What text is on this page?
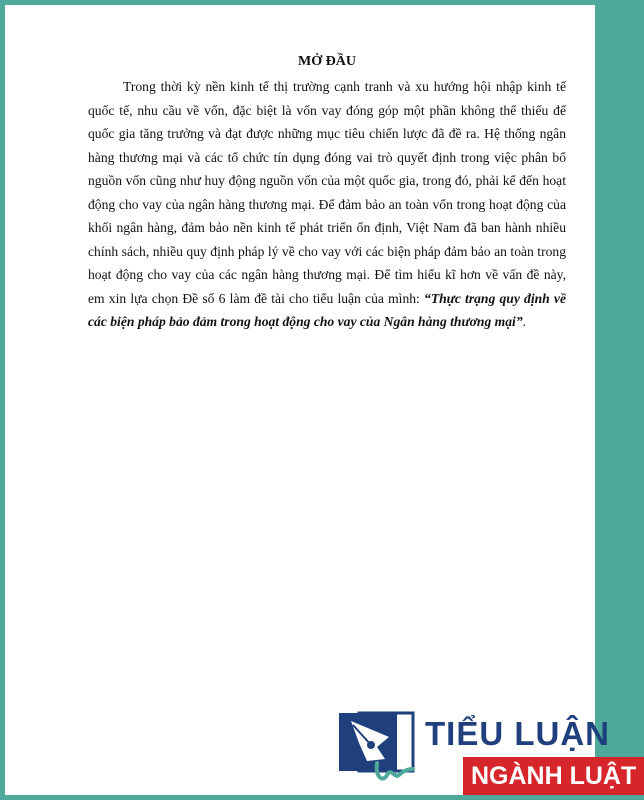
MỞ ĐẦU

Trong thời kỳ nền kinh tế thị trường cạnh tranh và xu hướng hội nhập kinh tế quốc tế, nhu cầu về vốn, đặc biệt là vốn vay đóng góp một phần không thể thiếu để quốc gia tăng trưởng và đạt được những mục tiêu chiến lược đã đề ra. Hệ thống ngân hàng thương mại và các tổ chức tín dụng đóng vai trò quyết định trong việc phân bổ nguồn vốn cũng như huy động nguồn vốn của một quốc gia, trong đó, phải kể đến hoạt động cho vay của ngân hàng thương mại. Để đảm bảo an toàn vốn trong hoạt động của khối ngân hàng, đảm bảo nền kinh tế phát triển ổn định, Việt Nam đã ban hành nhiều chính sách, nhiều quy định pháp lý về cho vay với các biện pháp đảm bảo an toàn trong hoạt động cho vay của các ngân hàng thương mại. Để tìm hiểu kĩ hơn về vấn đề này, em xin lựa chọn Đề số 6 làm đề tài cho tiểu luận của mình: “Thực trạng quy định về các biện pháp bảo đảm trong hoạt động cho vay của Ngân hàng thương mại”.

TIỂU LUẬN
NGÀNH LUẬT
